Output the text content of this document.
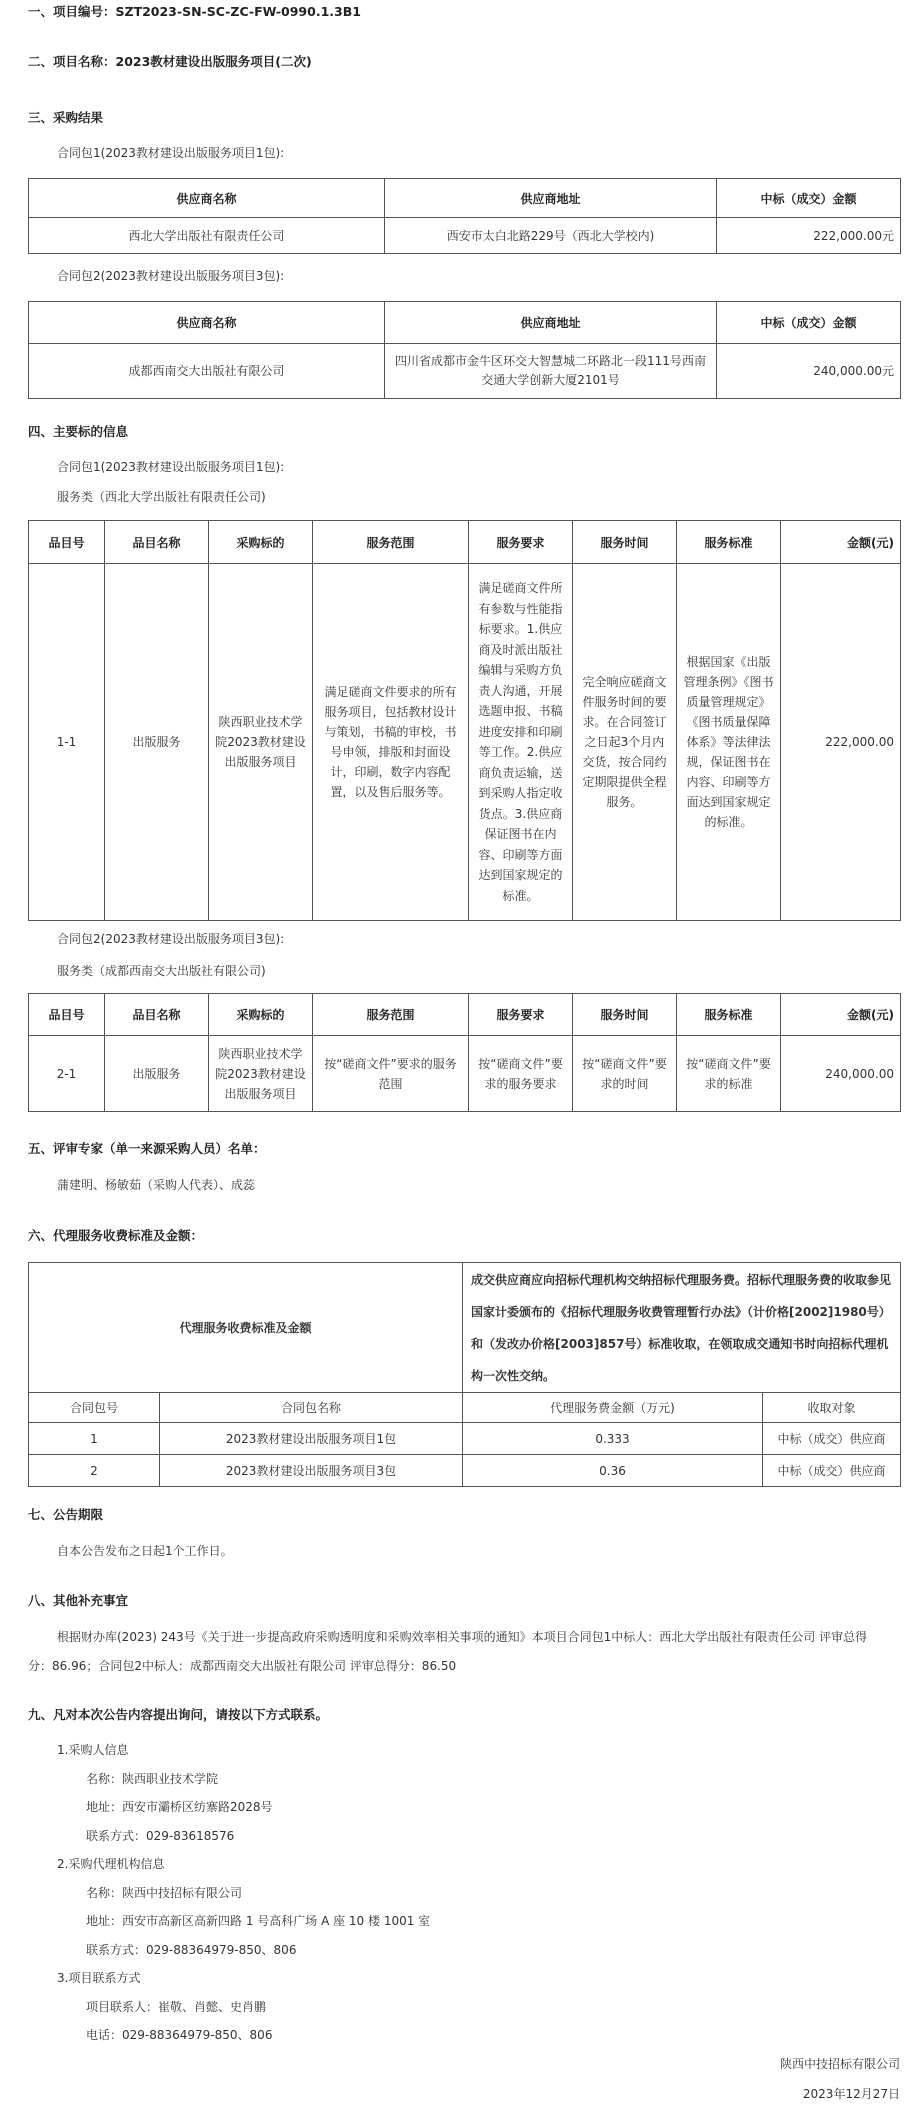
一、项目编号：SZT2023-SN-SC-ZC-FW-0990.1.3B1
二、项目名称：2023教材建设出版服务项目(二次)
三、采购结果
合同包1(2023教材建设出版服务项目1包):
供应商名称	供应商地址	中标（成交）金额
西北大学出版社有限责任公司	西安市太白北路229号（西北大学校内)	222,000.00元
合同包2(2023教材建设出版服务项目3包):
供应商名称	供应商地址	中标（成交）金额
成都西南交大出版社有限公司	四川省成都市金牛区环交大智慧城二环路北一段111号西南交通大学创新大厦2101号	240,000.00元
四、主要标的信息
合同包1(2023教材建设出版服务项目1包):
服务类（西北大学出版社有限责任公司)
品目号	品目名称	采购标的	服务范围	服务要求	服务时间	服务标准	金额(元)
1-1	出版服务	陕西职业技术学院2023教材建设出版服务项目	满足磋商文件要求的所有服务项目，包括教材设计与策划，书稿的审校，书号申领，排版和封面设计，印刷，数字内容配置，以及售后服务等。	满足磋商文件所有参数与性能指标要求。1.供应商及时派出版社编辑与采购方负责人沟通，开展选题申报、书稿进度安排和印刷等工作。2.供应商负责运输，送到采购人指定收货点。3.供应商保证图书在内容、印刷等方面达到国家规定的标准。	完全响应磋商文件服务时间的要求。在合同签订之日起3个月内交货，按合同约定期限提供全程服务。	根据国家《出版管理条例》《图书质量管理规定》《图书质量保障体系》等法律法规，保证图书在内容、印刷等方面达到国家规定的标准。	222,000.00
合同包2(2023教材建设出版服务项目3包):
服务类（成都西南交大出版社有限公司)
品目号	品目名称	采购标的	服务范围	服务要求	服务时间	服务标准	金额(元)
2-1	出版服务	陕西职业技术学院2023教材建设出版服务项目	按“磋商文件”要求的服务范围	按“磋商文件”要求的服务要求	按“磋商文件”要求的时间	按“磋商文件”要求的标准	240,000.00
五、评审专家（单一来源采购人员）名单：
蒲建明、杨敏茹（采购人代表）、成蕊
六、代理服务收费标准及金额：
代理服务收费标准及金额		成交供应商应向招标代理机构交纳招标代理服务费。招标代理服务费的收取参见国家计委颁布的《招标代理服务收费管理暂行办法》（计价格[2002]1980号）和（发改办价格[2003]857号）标准收取，在领取成交通知书时向招标代理机构一次性交纳。	
合同包号	合同包名称	代理服务费金额（万元)	收取对象
1	2023教材建设出版服务项目1包	0.333	中标（成交）供应商
2	2023教材建设出版服务项目3包	0.36	中标（成交）供应商
七、公告期限
自本公告发布之日起1个工作日。
八、其他补充事宜
根据财办库(2023) 243号《关于进一步提高政府采购透明度和采购效率相关事项的通知》本项目合同包1中标人：西北大学出版社有限责任公司 评审总得
分：86.96；合同包2中标人：成都西南交大出版社有限公司 评审总得分：86.50
九、凡对本次公告内容提出询问，请按以下方式联系。
1.采购人信息
名称：陕西职业技术学院
地址：西安市灞桥区纺寨路2028号
联系方式：029-83618576
2.采购代理机构信息
名称：陕西中技招标有限公司
地址：西安市高新区高新四路 1 号高科广场 A 座 10 楼 1001 室
联系方式：029-88364979-850、806
3.项目联系方式
项目联系人：崔敬、肖懿、史肖鹏
电话：029-88364979-850、806
陕西中技招标有限公司
2023年12月27日
